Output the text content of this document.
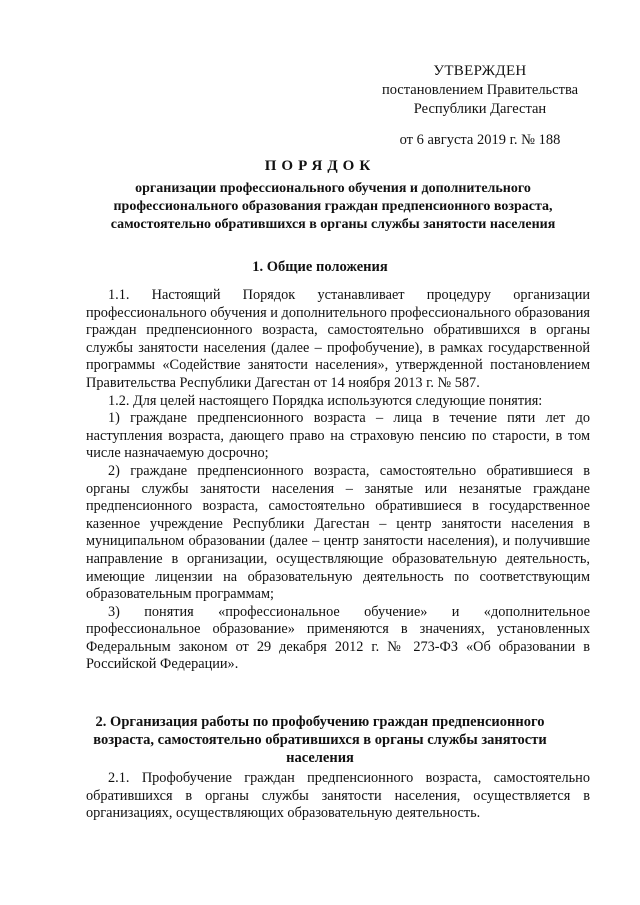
УТВЕРЖДЕН
постановлением Правительства
Республики Дагестан
от 6 августа 2019 г. № 188
ПОРЯДОК
организации профессионального обучения и дополнительного профессионального образования граждан предпенсионного возраста, самостоятельно обратившихся в органы службы занятости населения
1. Общие положения

1.1. Настоящий Порядок устанавливает процедуру организации профессионального обучения и дополнительного профессионального образования граждан предпенсионного возраста, самостоятельно обратившихся в органы службы занятости населения (далее – профобучение), в рамках государственной программы «Содействие занятости населения», утвержденной постановлением Правительства Республики Дагестан от 14 ноября 2013 г. № 587.

1.2. Для целей настоящего Порядка используются следующие понятия:

1) граждане предпенсионного возраста – лица в течение пяти лет до наступления возраста, дающего право на страховую пенсию по старости, в том числе назначаемую досрочно;

2) граждане предпенсионного возраста, самостоятельно обратившиеся в органы службы занятости населения – занятые или незанятые граждане предпенсионного возраста, самостоятельно обратившиеся в государственное казенное учреждение Республики Дагестан – центр занятости населения в муниципальном образовании (далее – центр занятости населения), и получившие направление в организации, осуществляющие образовательную деятельность, имеющие лицензии на образовательную деятельность по соответствующим образовательным программам;

3) понятия «профессиональное обучение» и «дополнительное профессиональное образование» применяются в значениях, установленных Федеральным законом от 29 декабря 2012 г. № 273-ФЗ «Об образовании в Российской Федерации».

2. Организация работы по профобучению граждан предпенсионного возраста, самостоятельно обратившихся в органы службы занятости населения

2.1. Профобучение граждан предпенсионного возраста, самостоятельно обратившихся в органы службы занятости населения, осуществляется в организациях, осуществляющих образовательную деятельность.
